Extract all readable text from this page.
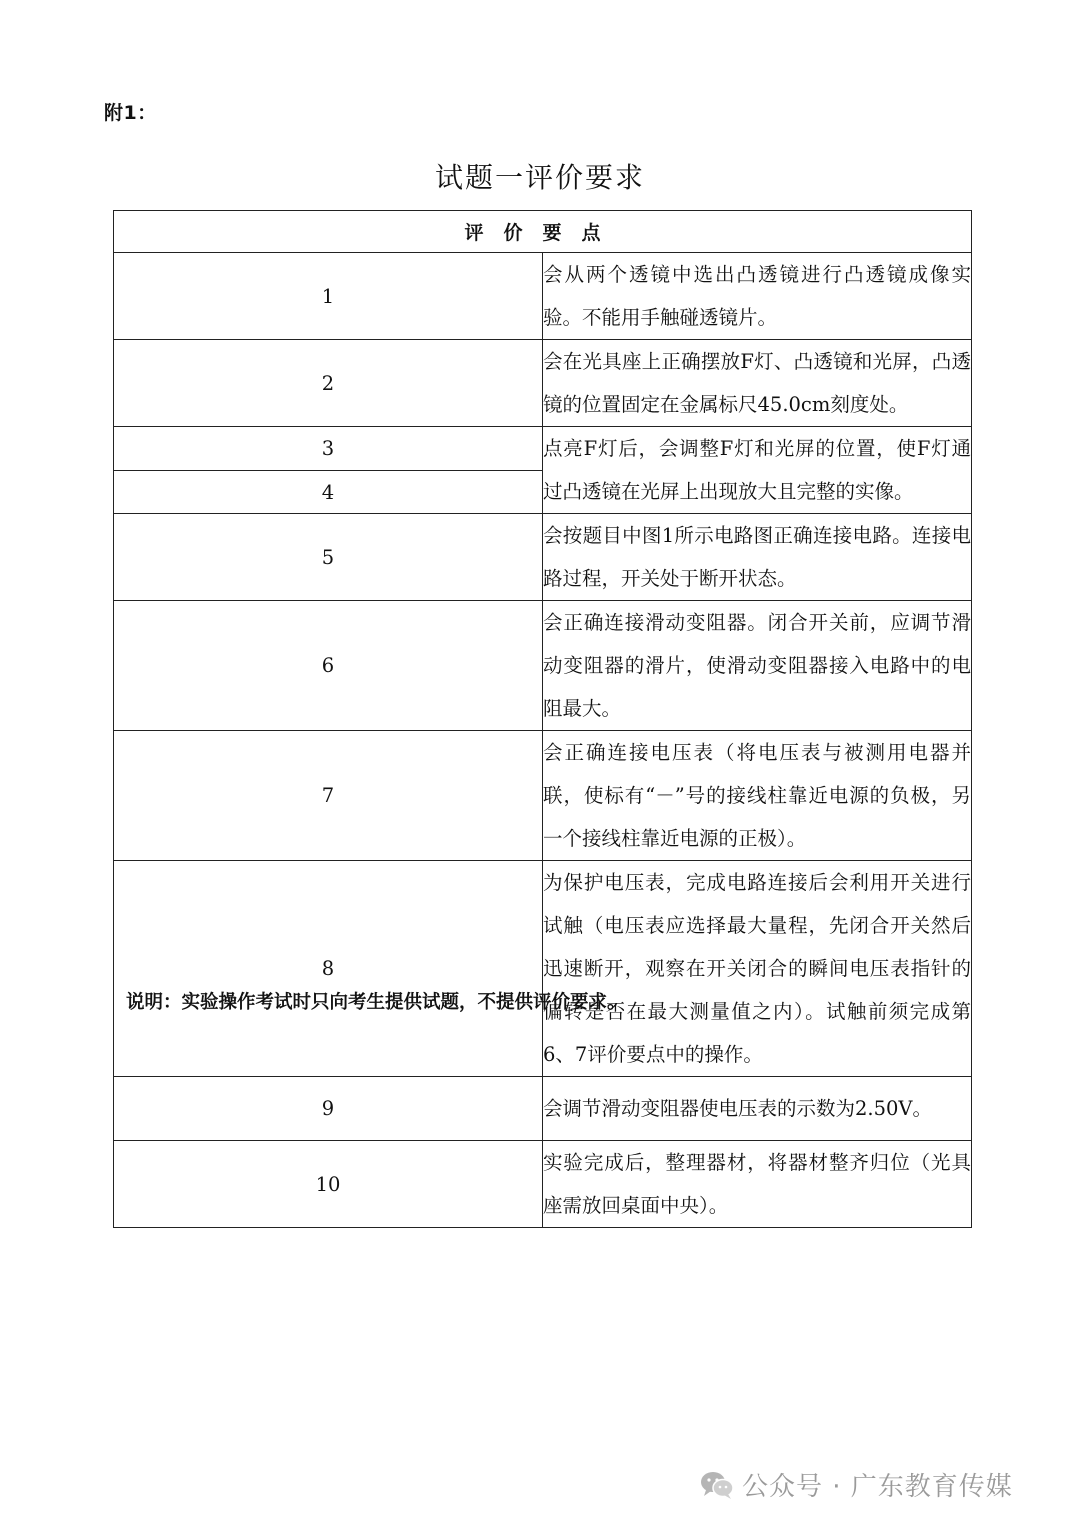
附1：
试题一评价要求
评价要点	
1	会从两个透镜中选出凸透镜进行凸透镜成像实验。不能用手触碰透镜片。
2	会在光具座上正确摆放F灯、凸透镜和光屏，凸透镜的位置固定在金属标尺45.0cm刻度处。
3	点亮F灯后，会调整F灯和光屏的位置，使F灯通过凸透镜在光屏上出现放大且完整的实像。
4	
5	会按题目中图1所示电路图正确连接电路。连接电路过程，开关处于断开状态。
6	会正确连接滑动变阻器。闭合开关前，应调节滑动变阻器的滑片，使滑动变阻器接入电路中的电阻最大。
7	会正确连接电压表（将电压表与被测用电器并联，使标有“－”号的接线柱靠近电源的负极，另一个接线柱靠近电源的正极）。
8	为保护电压表，完成电路连接后会利用开关进行试触（电压表应选择最大量程，先闭合开关然后迅速断开，观察在开关闭合的瞬间电压表指针的偏转是否在最大测量值之内）。试触前须完成第6、7评价要点中的操作。
9	会调节滑动变阻器使电压表的示数为2.50V。
10	实验完成后，整理器材，将器材整齐归位（光具座需放回桌面中央）。
说明：实验操作考试时只向考生提供试题，不提供评价要求。
公众号 · 广东教育传媒
